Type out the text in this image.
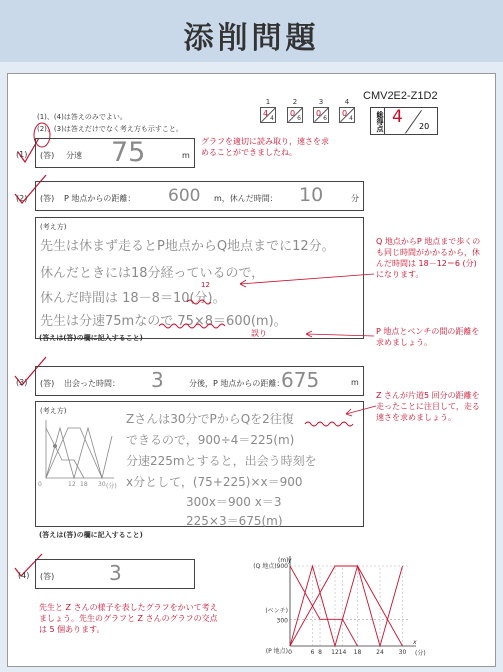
添削問題
(1)、(4)は答えのみでよい。
(2)、(3)は答えだけでなく考え方も示すこと。
1
4
4
2
0
6
3
0
6
4
0
4
CMV2E2-Z1D2
総得点 4 20
(1) (答) 分速 75	m
グラフを適切に読み取り，速さを求めることができましたね。
(2) (答) P 地点からの距離： 600 m，休んだ時間： 10	分
(考え方)
先生は休まず走るとP地点からQ地点までに12分。
休んだときには18分経っているので，
休んだ時間は 18－8＝10(分)。
先生は分速75mなので 75×8＝600(m)。
12
誤り
(答えは(答)の欄に記入すること)
Q 地点からP 地点まで歩くのも同じ時間がかかるから，休んだ時間は 18－12＝6 (分) になります。
P 地点とベンチの間の距離を求めましょう。
(3) (答) 出会った時間： 3	分後，P 地点からの距離：
675	m
(考え方)
0	12 18 30 (分)
Zさんは30分でPからQを2往復
できるので，900÷4＝225(m)
分速225mとすると，出会う時刻を
x分として，(75+225)×x＝900
300x＝900 x＝3
225×3＝675(m)
(答えは(答)の欄に記入すること)
Z さんが片道5 回分の距離を走ったことに注目して，走る速さを求めましょう。
(4) (答)	3
先生と Z さんの様子を表したグラフをかいて考えましょう。先生のグラフと Z さんのグラフの交点は 5 個あります。
x
(分)
(m) y
(Q 地点)900
300
(ベンチ)
(P 地点) 0	6 8 12 14 18 24 30
